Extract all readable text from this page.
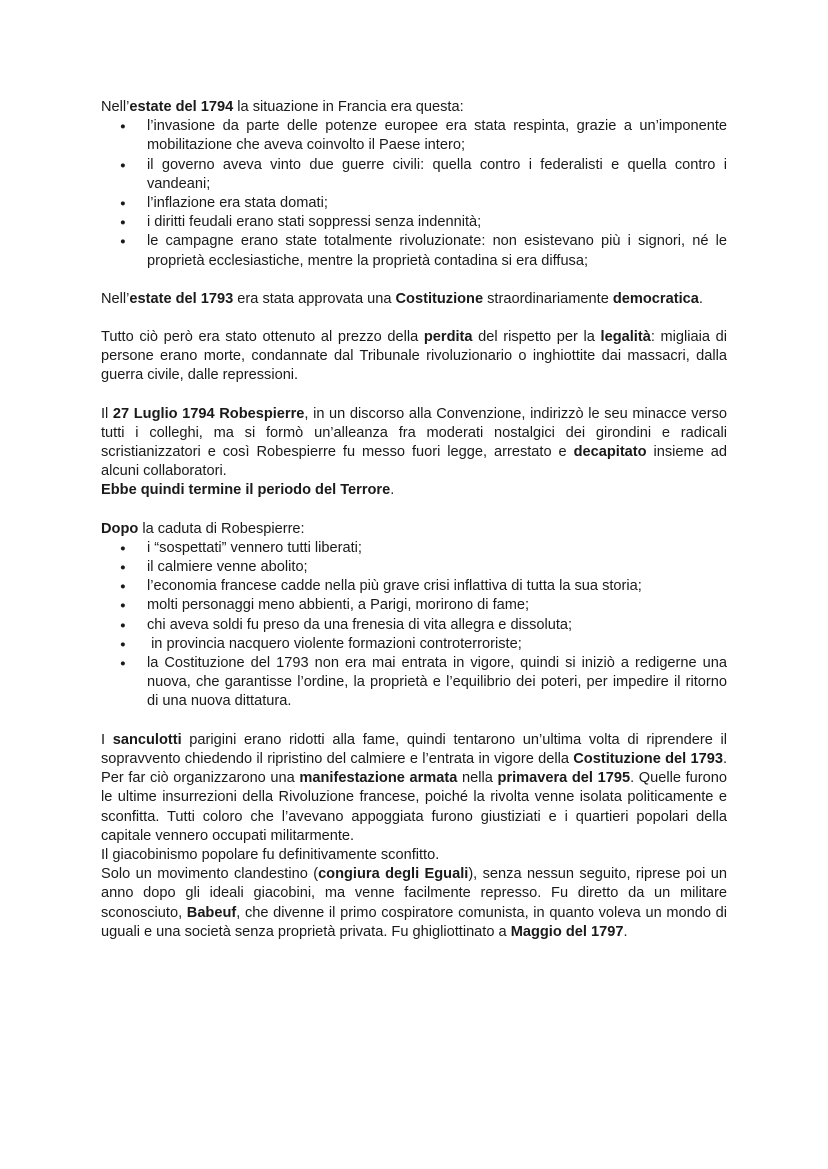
Nell’estate del 1794 la situazione in Francia era questa:

● l’invasione da parte delle potenze europee era stata respinta, grazie a un’imponente mobilitazione che aveva coinvolto il Paese intero;
● il governo aveva vinto due guerre civili: quella contro i federalisti e quella contro i vandeani;
● l’inflazione era stata domati;
● i diritti feudali erano stati soppressi senza indennità;
● le campagne erano state totalmente rivoluzionate: non esistevano più i signori, né le proprietà ecclesiastiche, mentre la proprietà contadina si era diffusa;

Nell’estate del 1793 era stata approvata una Costituzione straordinariamente democratica.

Tutto ciò però era stato ottenuto al prezzo della perdita del rispetto per la legalità: migliaia di persone erano morte, condannate dal Tribunale rivoluzionario o inghiottite dai massacri, dalla guerra civile, dalle repressioni.

Il 27 Luglio 1794 Robespierre, in un discorso alla Convenzione, indirizzò le seu minacce verso tutti i colleghi, ma si formò un’alleanza fra moderati nostalgici dei girondini e radicali scristianizzatori e così Robespierre fu messo fuori legge, arrestato e decapitato insieme ad alcuni collaboratori.

Ebbe quindi termine il periodo del Terrore.

Dopo la caduta di Robespierre:

● i “sospettati” vennero tutti liberati;
● il calmiere venne abolito;
● l’economia francese cadde nella più grave crisi inflattiva di tutta la sua storia;
● molti personaggi meno abbienti, a Parigi, morirono di fame;
● chi aveva soldi fu preso da una frenesia di vita allegra e dissoluta;
●  in provincia nacquero violente formazioni controterroriste;
● la Costituzione del 1793 non era mai entrata in vigore, quindi si iniziò a redigerne una nuova, che garantisse l’ordine, la proprietà e l’equilibrio dei poteri, per impedire il ritorno di una nuova dittatura.

I sanculotti parigini erano ridotti alla fame, quindi tentarono un’ultima volta di riprendere il sopravvento chiedendo il ripristino del calmiere e l’entrata in vigore della Costituzione del 1793. Per far ciò organizzarono una manifestazione armata nella primavera del 1795. Quelle furono le ultime insurrezioni della Rivoluzione francese, poiché la rivolta venne isolata politicamente e sconfitta. Tutti coloro che l’avevano appoggiata furono giustiziati e i quartieri popolari della capitale vennero occupati militarmente.

Il giacobinismo popolare fu definitivamente sconfitto.

Solo un movimento clandestino (congiura degli Eguali), senza nessun seguito, riprese poi un anno dopo gli ideali giacobini, ma venne facilmente represso. Fu diretto da un militare sconosciuto, Babeuf, che divenne il primo cospiratore comunista, in quanto voleva un mondo di uguali e una società senza proprietà privata. Fu ghigliottinato a Maggio del 1797.
